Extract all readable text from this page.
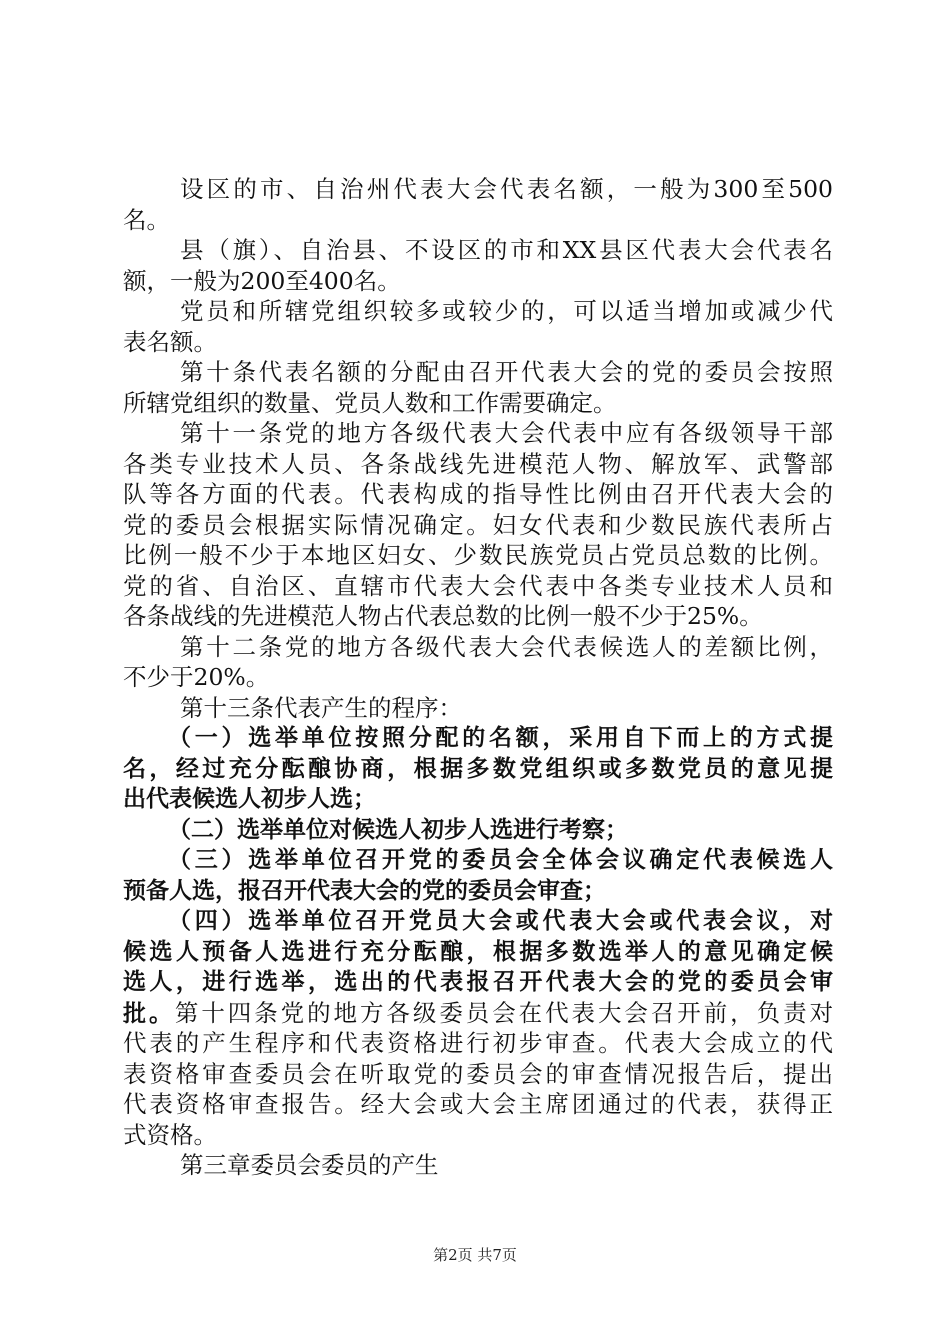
设区的市、自治州代表大会代表名额，一般为300至500
名。
县（旗）、自治县、不设区的市和XX县区代表大会代表名
额，一般为200至400名。
党员和所辖党组织较多或较少的，可以适当增加或减少代
表名额。
第十条代表名额的分配由召开代表大会的党的委员会按照
所辖党组织的数量、党员人数和工作需要确定。
第十一条党的地方各级代表大会代表中应有各级领导干部
各类专业技术人员、各条战线先进模范人物、解放军、武警部
队等各方面的代表。代表构成的指导性比例由召开代表大会的
党的委员会根据实际情况确定。妇女代表和少数民族代表所占
比例一般不少于本地区妇女、少数民族党员占党员总数的比例。
党的省、自治区、直辖市代表大会代表中各类专业技术人员和
各条战线的先进模范人物占代表总数的比例一般不少于25%。
第十二条党的地方各级代表大会代表候选人的差额比例，
不少于20%。
第十三条代表产生的程序：
（一）选举单位按照分配的名额，采用自下而上的方式提
名，经过充分酝酿协商，根据多数党组织或多数党员的意见提
出代表候选人初步人选；
（二）选举单位对候选人初步人选进行考察；
（三）选举单位召开党的委员会全体会议确定代表候选人
预备人选，报召开代表大会的党的委员会审查；
（四）选举单位召开党员大会或代表大会或代表会议，对
候选人预备人选进行充分酝酿，根据多数选举人的意见确定候
选人，进行选举，选出的代表报召开代表大会的党的委员会审
批。第十四条党的地方各级委员会在代表大会召开前，负责对
代表的产生程序和代表资格进行初步审查。代表大会成立的代
表资格审查委员会在听取党的委员会的审查情况报告后，提出
代表资格审查报告。经大会或大会主席团通过的代表，获得正
式资格。
第三章委员会委员的产生
第2页 共7页
